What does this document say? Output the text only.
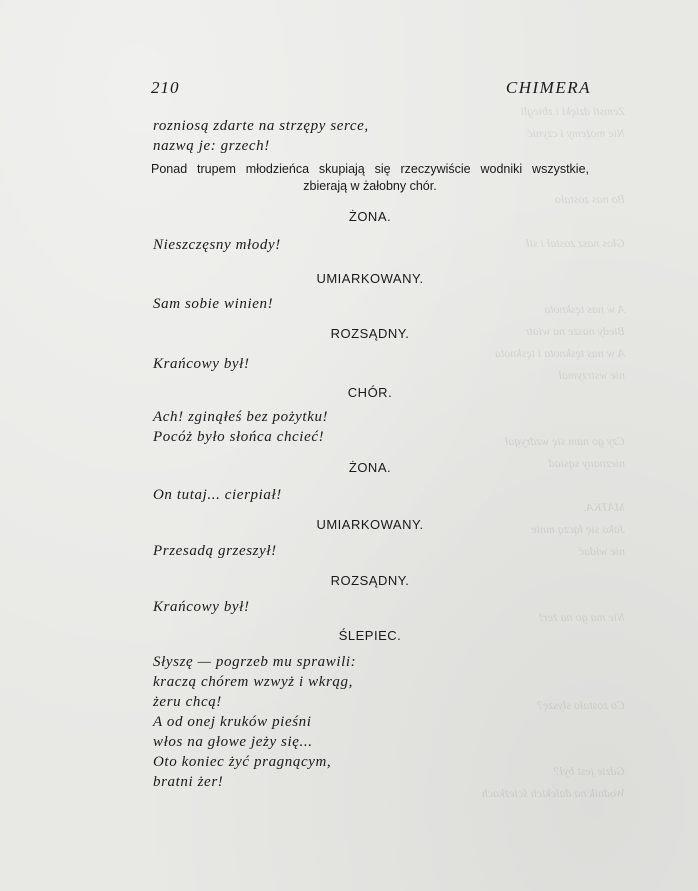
Zemsti dzięki i zbiegli
Nie możemy i czynić

Bo nas zostało

Głos nasz został i sił

A w nas tęsknota
Biedy nasze na wiatr
A w nas tęsknota i tęsknota
nie wstrzymał

Czy go nam się wzdrygał
nieznany sąsiad

MATKA.
Jako się łączą mnie
nie widać

Nie ma go na żer!

Co zostało słyszę?

Gdzie jest był?
Wodnik na dalekich ścieżkach
210	CHIMERA
rozniosą zdarte na strzępy serce,
nazwą je: grzech!
Ponad trupem młodzieńca skupiają się rzeczywiście wodniki wszystkie, zbierają w żałobny chór.
ŻONA.
Nieszczęsny młody!
UMIARKOWANY.
Sam sobie winien!
ROZSĄDNY.
Krańcowy był!
CHÓR.
Ach! zginąłeś bez pożytku!
Pocóż było słońca chcieć!
ŻONA.
On tutaj... cierpiał!
UMIARKOWANY.
Przesadą grzeszył!
ROZSĄDNY.
Krańcowy był!
ŚLEPIEC.
Słyszę — pogrzeb mu sprawili:
kraczą chórem wzwyż i wkrąg,
żeru chcą!
A od onej kruków pieśni
włos na głowe jeży się...
Oto koniec żyć pragnącym,
bratni żer!
